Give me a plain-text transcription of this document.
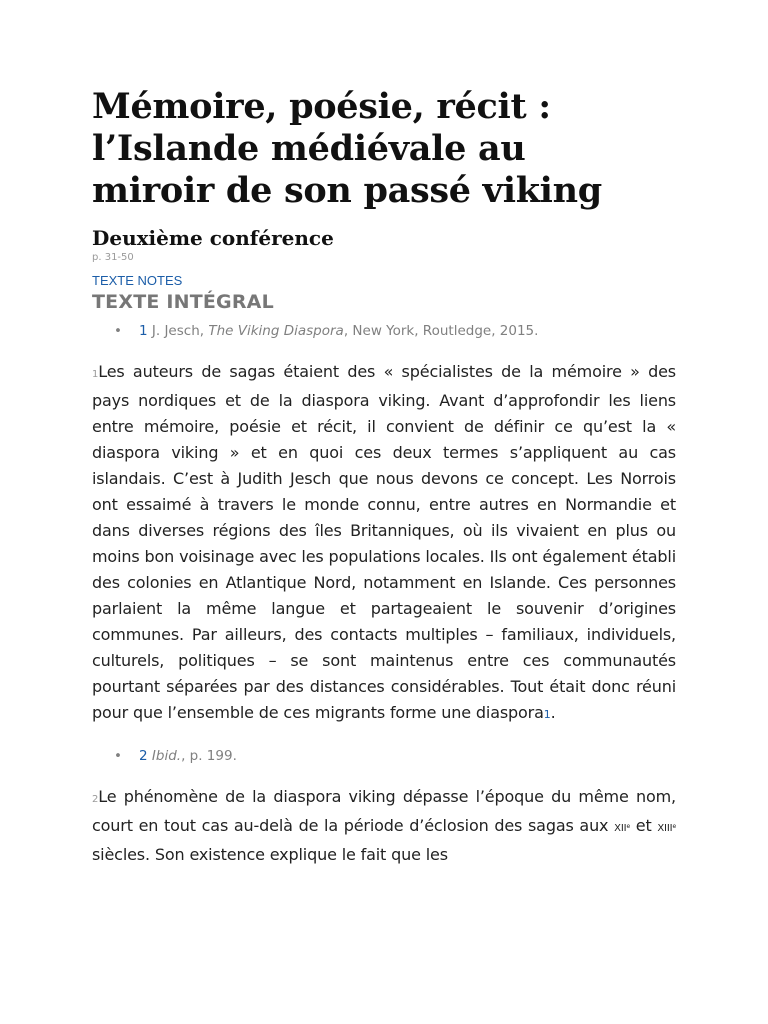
Mémoire, poésie, récit :
l’Islande médiévale au
miroir de son passé viking
Deuxième conférence
p. 31-50
TEXTE NOTES
TEXTE INTÉGRAL
• 1 J. Jesch, The Viking Diaspora, New York, Routledge, 2015.

1Les auteurs de sagas étaient des « spécialistes de la mémoire » des pays nordiques et de la diaspora viking. Avant d’approfondir les liens entre mémoire, poésie et récit, il convient de définir ce qu’est la « diaspora viking » et en quoi ces deux termes s’appliquent au cas islandais. C’est à Judith Jesch que nous devons ce concept. Les Norrois ont essaimé à travers le monde connu, entre autres en Normandie et dans diverses régions des îles Britanniques, où ils vivaient en plus ou moins bon voisinage avec les populations locales. Ils ont également établi des colonies en Atlantique Nord, notamment en Islande. Ces personnes parlaient la même langue et partageaient le souvenir d’origines communes. Par ailleurs, des contacts multiples – familiaux, individuels, culturels, politiques – se sont maintenus entre ces communautés pourtant séparées par des distances considérables. Tout était donc réuni pour que l’ensemble de ces migrants forme une diaspora1.

• 2 Ibid., p. 199.

2Le phénomène de la diaspora viking dépasse l’époque du même nom, court en tout cas au-delà de la période d’éclosion des sagas aux XIIe et XIIIe siècles. Son existence explique le fait que les
